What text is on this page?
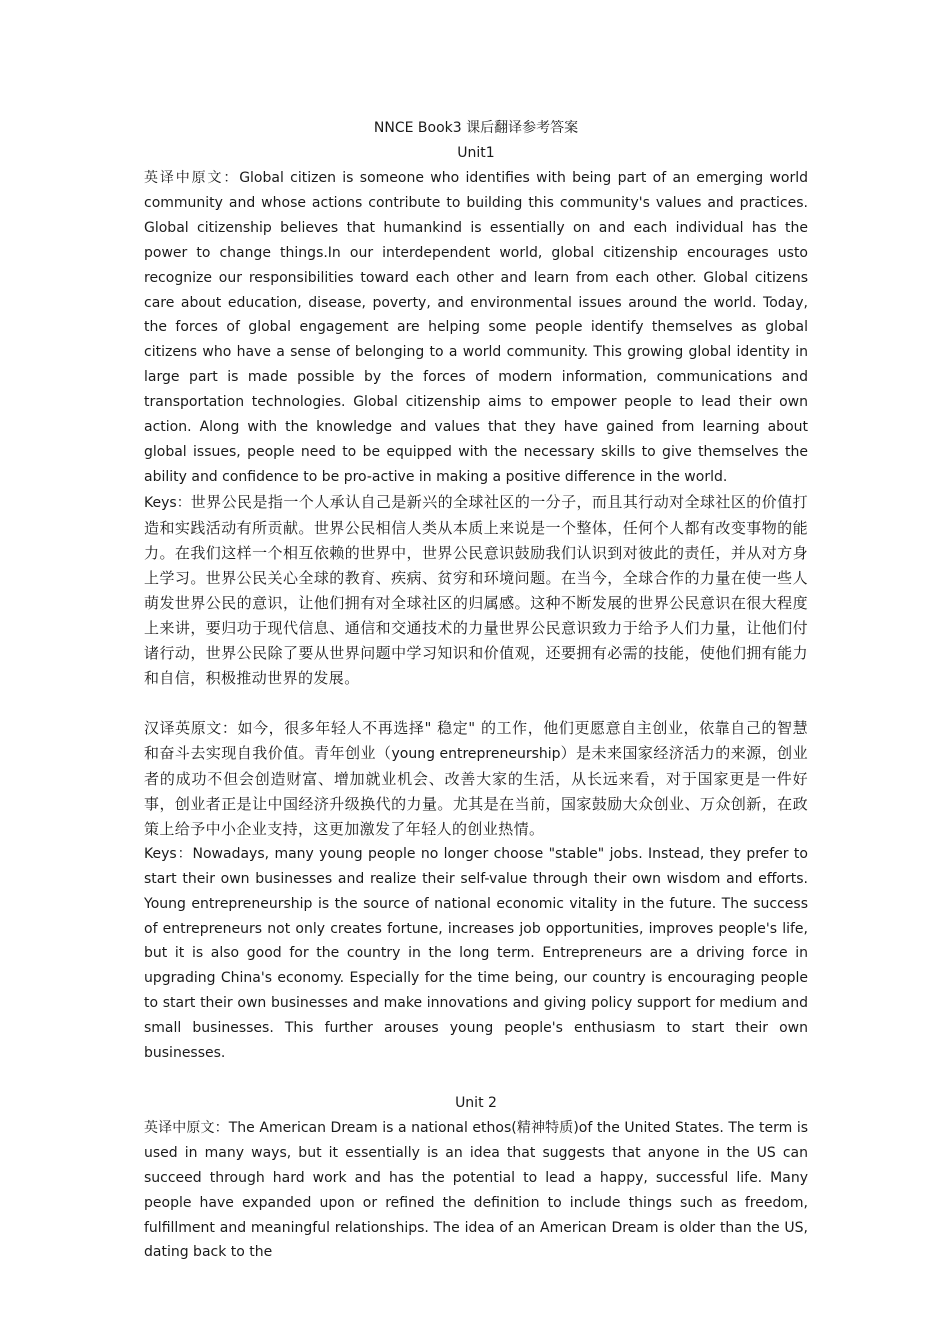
NNCE Book3 课后翻译参考答案
Unit1

英译中原文：Global citizen is someone who identifies with being part of an emerging world community and whose actions contribute to building this community's values and practices. Global citizenship believes that humankind is essentially on and each individual has the power to change things.In our interdependent world, global citizenship encourages usto recognize our responsibilities toward each other and learn from each other. Global citizens care about education, disease, poverty, and environmental issues around the world. Today, the forces of global engagement are helping some people identify themselves as global citizens who have a sense of belonging to a world community. This growing global identity in large part is made possible by the forces of modern information, communications and transportation technologies. Global citizenship aims to empower people to lead their own action. Along with the knowledge and values that they have gained from learning about global issues, people need to be equipped with the necessary skills to give themselves the ability and confidence to be pro-active in making a positive difference in the world.

Keys：世界公民是指一个人承认自己是新兴的全球社区的一分子，而且其行动对全球社区的价值打造和实践活动有所贡献。世界公民相信人类从本质上来说是一个整体，任何个人都有改变事物的能力。在我们这样一个相互依赖的世界中，世界公民意识鼓励我们认识到对彼此的责任，并从对方身上学习。世界公民关心全球的教育、疾病、贫穷和环境问题。在当今，全球合作的力量在使一些人萌发世界公民的意识，让他们拥有对全球社区的归属感。这种不断发展的世界公民意识在很大程度上来讲，要归功于现代信息、通信和交通技术的力量世界公民意识致力于给予人们力量，让他们付诸行动，世界公民除了要从世界问题中学习知识和价值观，还要拥有必需的技能，使他们拥有能力和自信，积极推动世界的发展。

汉译英原文：如今，很多年轻人不再选择" 稳定" 的工作，他们更愿意自主创业，依靠自己的智慧和奋斗去实现自我价值。青年创业（young entrepreneurship）是未来国家经济活力的来源，创业者的成功不但会创造财富、增加就业机会、改善大家的生活，从长远来看，对于国家更是一件好事，创业者正是让中国经济升级换代的力量。尤其是在当前，国家鼓励大众创业、万众创新，在政策上给予中小企业支持，这更加激发了年轻人的创业热情。

Keys：Nowadays, many young people no longer choose "stable" jobs. Instead, they prefer to start their own businesses and realize their self-value through their own wisdom and efforts. Young entrepreneurship is the source of national economic vitality in the future. The success of entrepreneurs not only creates fortune, increases job opportunities, improves people's life, but it is also good for the country in the long term. Entrepreneurs are a driving force in upgrading China's economy. Especially for the time being, our country is encouraging people to start their own businesses and make innovations and giving policy support for medium and small businesses. This further arouses young people's enthusiasm to start their own businesses.

Unit 2

英译中原文：The American Dream is a national ethos(精神特质)of the United States. The term is used in many ways, but it essentially is an idea that suggests that anyone in the US can succeed through hard work and has the potential to lead a happy, successful life. Many people have expanded upon or refined the definition to include things such as freedom, fulfillment and meaningful relationships. The idea of an American Dream is older than the US, dating back to the
